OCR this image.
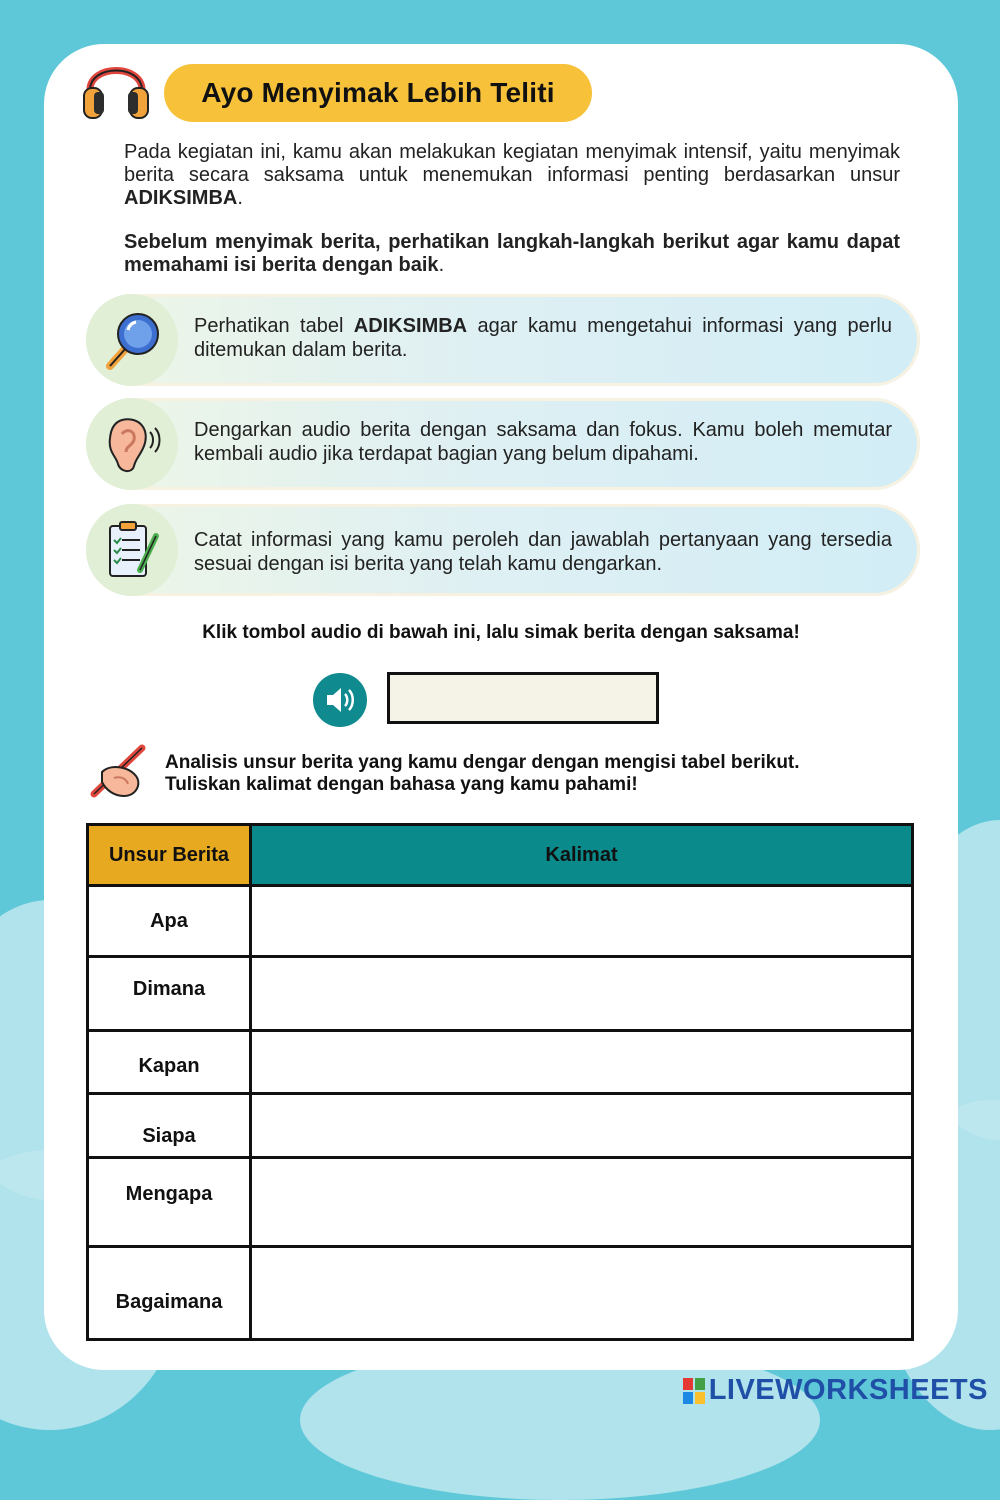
Ayo Menyimak Lebih Teliti
Pada kegiatan ini, kamu akan melakukan kegiatan menyimak intensif, yaitu menyimak berita secara saksama untuk menemukan informasi penting berdasarkan unsur ADIKSIMBA.
Sebelum menyimak berita, perhatikan langkah-langkah berikut agar kamu dapat memahami isi berita dengan baik.
Perhatikan tabel ADIKSIMBA agar kamu mengetahui informasi yang perlu ditemukan dalam berita.
Dengarkan audio berita dengan saksama dan fokus. Kamu boleh memutar kembali audio jika terdapat bagian yang belum dipahami.
Catat informasi yang kamu peroleh dan jawablah pertanyaan yang tersedia sesuai dengan isi berita yang telah kamu dengarkan.
Klik tombol audio di bawah ini, lalu simak berita dengan saksama!
Analisis unsur berita yang kamu dengar dengan mengisi tabel berikut.
Tuliskan kalimat dengan bahasa yang kamu pahami!
Unsur Berita	Kalimat
Apa	
Dimana	
Kapan	
Siapa	
Mengapa	
Bagaimana	
LIVEWORKSHEETS
